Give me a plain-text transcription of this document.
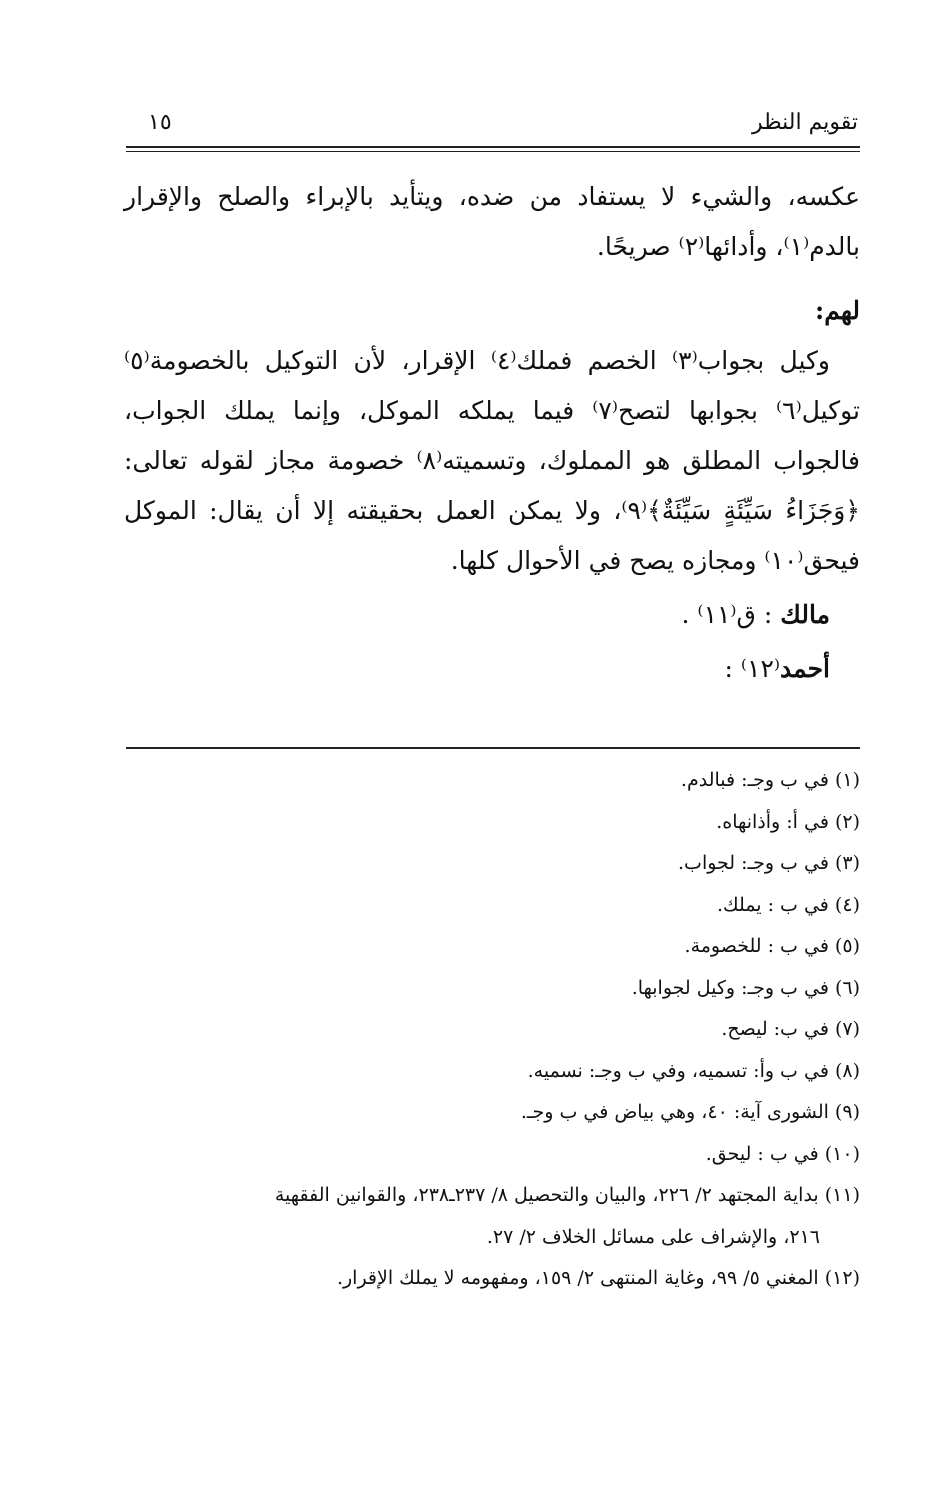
تقويم النظر
١٥

عكسه، والشيء لا يستفاد من ضده، ويتأيد بالإبراء والصلح والإقرار بالدم⁽١⁾، وأدائها⁽٢⁾ صريحًا.

لهم:

وكيل بجواب⁽٣⁾ الخصم فملك⁽٤⁾ الإقرار، لأن التوكيل بالخصومة⁽٥⁾ توكيل⁽٦⁾ بجوابها لتصح⁽٧⁾ فيما يملكه الموكل، وإنما يملك الجواب، فالجواب المطلق هو المملوك، وتسميته⁽٨⁾ خصومة مجاز لقوله تعالى: ﴿وَجَزَاءُ سَيِّئَةٍ سَيِّئَةٌ﴾⁽٩⁾، ولا يمكن العمل بحقيقته إلا أن يقال: الموكل فيحق⁽١٠⁾ ومجازه يصح في الأحوال كلها.

مالك : ق⁽١١⁾ .

أحمد⁽١٢⁾ :

(١) في ب وجـ: فبالدم.
(٢) في أ: وأذانهاه.
(٣) في ب وجـ: لجواب.
(٤) في ب : يملك.
(٥) في ب : للخصومة.
(٦) في ب وجـ: وكيل لجوابها.
(٧) في ب: ليصح.
(٨) في ب وأ: تسميه، وفي ب وجـ: نسميه.
(٩) الشورى آية: ٤٠، وهي بياض في ب وجـ.
(١٠) في ب : ليحق.
(١١) بداية المجتهد ٢/ ٢٢٦، والبيان والتحصيل ٨/ ٢٣٧ـ٢٣٨، والقوانين الفقهية
٢١٦، والإشراف على مسائل الخلاف ٢/ ٢٧.
(١٢) المغني ٥/ ٩٩، وغاية المنتهى ٢/ ١٥٩، ومفهومه لا يملك الإقرار.
